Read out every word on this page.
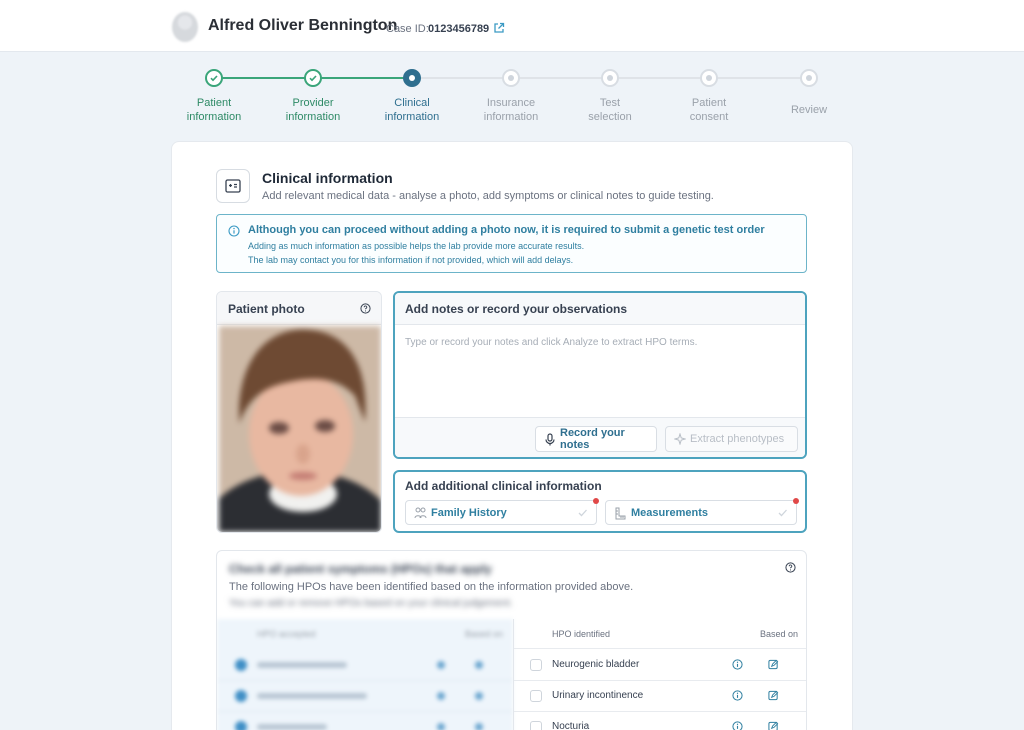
Alfred Oliver Bennington
Case ID: 0123456789
Patient
information
Provider
information
Clinical
information
Insurance
information
Test
selection
Patient
consent
Review
Clinical information
Add relevant medical data - analyse a photo, add symptoms or clinical notes to guide testing.
Although you can proceed without adding a photo now, it is required to submit a genetic test order
Adding as much information as possible helps the lab provide more accurate results.
The lab may contact you for this information if not provided, which will add delays.
Patient photo	Add notes or record your observations
Type or record your notes and click Analyze to extract HPO terms.
Record your notes	Extract phenotypes
Add additional clinical information
Family History	Measurements
Check all patient symptoms (HPOs) that apply
The following HPOs have been identified based on the information provided above.
You can add or remove HPOs based on your clinical judgement.
HPO accepted	Based on	HPO identified	Based on
Neurogenic bladder
Urinary incontinence
Nocturia
